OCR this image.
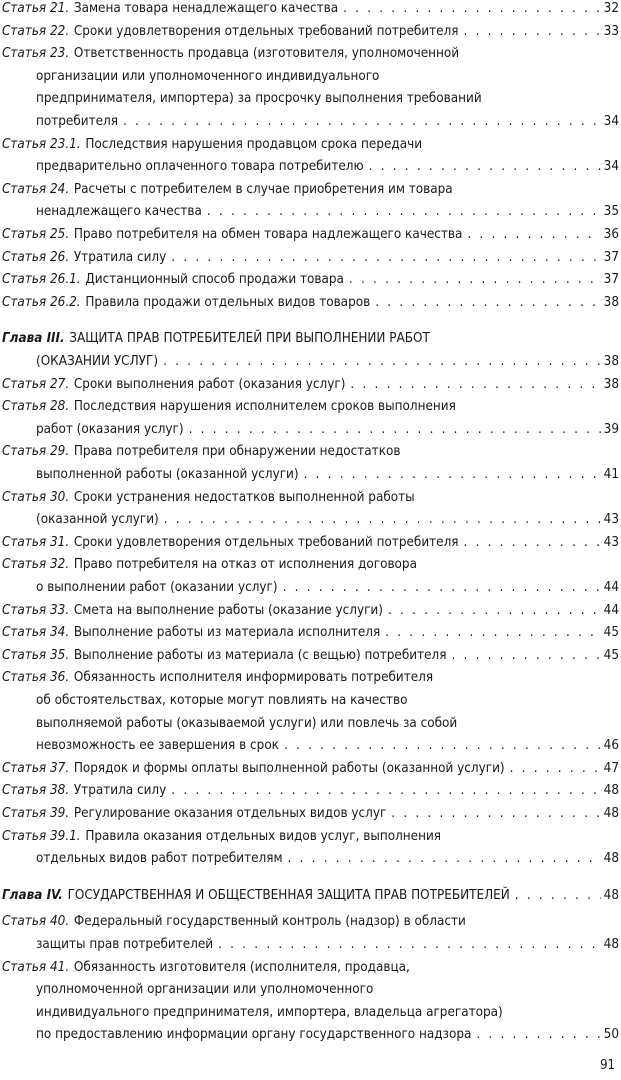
Статья 21. Замена товара ненадлежащего качества . . .	32
Статья 22. Сроки удовлетворения отдельных требований потребителя . . .	33
Статья 23. Ответственность продавца (изготовителя, уполномоченной
организации или уполномоченного индивидуального
предпринимателя, импортера) за просрочку выполнения требований
потребителя . . .	34
Статья 23.1. Последствия нарушения продавцом срока передачи
предварительно оплаченного товара потребителю . . .	34
Статья 24. Расчеты с потребителем в случае приобретения им товара
ненадлежащего качества . . .	35
Статья 25. Право потребителя на обмен товара надлежащего качества . . .	36
Статья 26. Утратила силу . . .	37
Статья 26.1. Дистанционный способ продажи товара . . .	37
Статья 26.2. Правила продажи отдельных видов товаров . . .	38
Глава III. ЗАЩИТА ПРАВ ПОТРЕБИТЕЛЕЙ ПРИ ВЫПОЛНЕНИИ РАБОТ
(ОКАЗАНИИ УСЛУГ) . . .	38
Статья 27. Сроки выполнения работ (оказания услуг) . . .	38
Статья 28. Последствия нарушения исполнителем сроков выполнения
работ (оказания услуг) . . .	39
Статья 29. Права потребителя при обнаружении недостатков
выполненной работы (оказанной услуги) . . .	41
Статья 30. Сроки устранения недостатков выполненной работы
(оказанной услуги) . . .	43
Статья 31. Сроки удовлетворения отдельных требований потребителя . . .	43
Статья 32. Право потребителя на отказ от исполнения договора
о выполнении работ (оказании услуг) . . .	44
Статья 33. Смета на выполнение работы (оказание услуги) . . .	44
Статья 34. Выполнение работы из материала исполнителя . . .	45
Статья 35. Выполнение работы из материала (с вещью) потребителя . . .	45
Статья 36. Обязанность исполнителя информировать потребителя
об обстоятельствах, которые могут повлиять на качество
выполняемой работы (оказываемой услуги) или повлечь за собой
невозможность ее завершения в срок . . .	46
Статья 37. Порядок и формы оплаты выполненной работы (оказанной услуги) . . .	47
Статья 38. Утратила силу . . .	48
Статья 39. Регулирование оказания отдельных видов услуг . . .	48
Статья 39.1. Правила оказания отдельных видов услуг, выполнения
отдельных видов работ потребителям . . .	48
Глава IV. ГОСУДАРСТВЕННАЯ И ОБЩЕСТВЕННАЯ ЗАЩИТА ПРАВ ПОТРЕБИТЕЛЕЙ . . .	48
Статья 40. Федеральный государственный контроль (надзор) в области
защиты прав потребителей . . .	48
Статья 41. Обязанность изготовителя (исполнителя, продавца,
уполномоченной организации или уполномоченного
индивидуального предпринимателя, импортера, владельца агрегатора)
по предоставлению информации органу государственного надзора . . .	50
91
